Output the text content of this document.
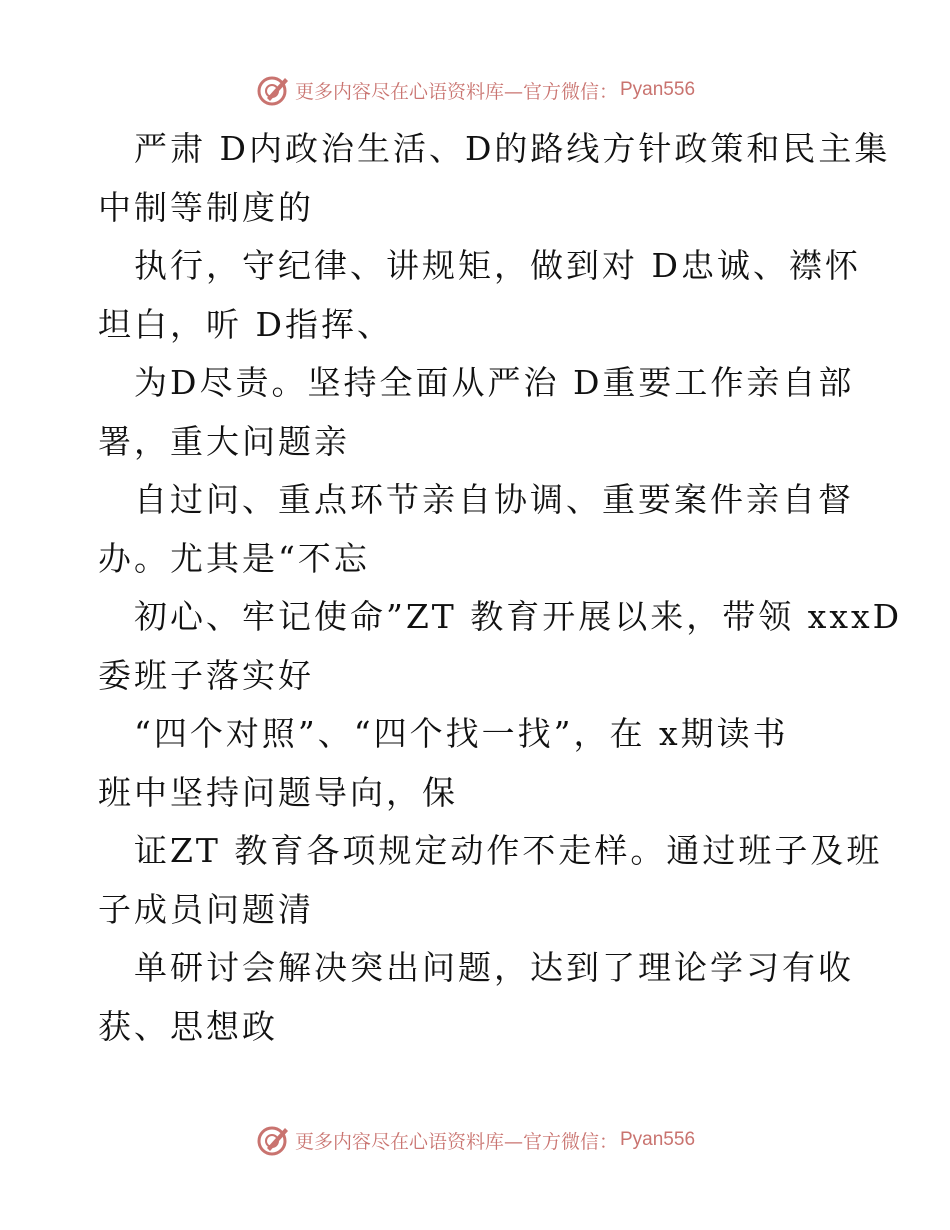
更多内容尽在心语资料库—官方微信： Pyan556
严肃 D内政治生活、D的路线方针政策和民主集
中制等制度的
执行，守纪律、讲规矩，做到对 D忠诚、襟怀
坦白，听 D指挥、
为D尽责。坚持全面从严治 D重要工作亲自部
署，重大问题亲
自过问、重点环节亲自协调、重要案件亲自督
办。尤其是“不忘
初心、牢记使命”ZT 教育开展以来，带领 xxxD
委班子落实好
“四个对照”、“四个找一找”，在 x期读书
班中坚持问题导向，保
证ZT 教育各项规定动作不走样。通过班子及班
子成员问题清
单研讨会解决突出问题，达到了理论学习有收
获、思想政
更多内容尽在心语资料库—官方微信： Pyan556
